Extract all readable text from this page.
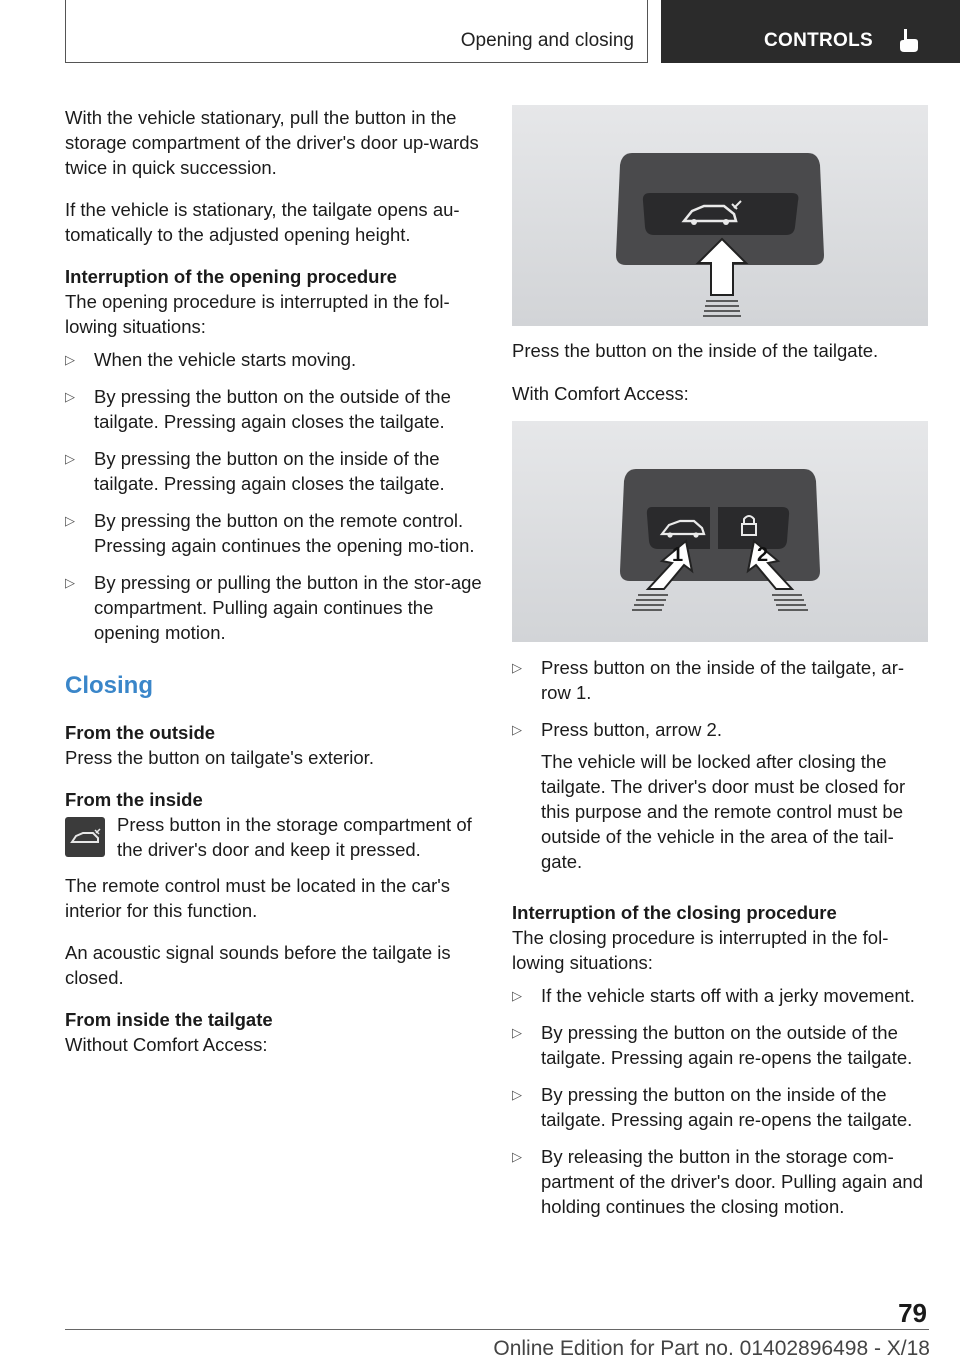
Opening and closing	CONTROLS

With the vehicle stationary, pull the button in the storage compartment of the driver's door up-wards twice in quick succession.

If the vehicle is stationary, the tailgate opens au-tomatically to the adjusted opening height.

Interruption of the opening procedure

The opening procedure is interrupted in the fol-lowing situations:

▷ When the vehicle starts moving.
▷ By pressing the button on the outside of the tailgate. Pressing again closes the tailgate.
▷ By pressing the button on the inside of the tailgate. Pressing again closes the tailgate.
▷ By pressing the button on the remote control. Pressing again continues the opening mo-tion.
▷ By pressing or pulling the button in the stor-age compartment. Pulling again continues the opening motion.
Closing
From the outside

Press the button on tailgate's exterior.

From the inside
Press button in the storage compartment of the driver's door and keep it pressed.

The remote control must be located in the car's interior for this function.

An acoustic signal sounds before the tailgate is closed.

From inside the tailgate

Without Comfort Access:

Press the button on the inside of the tailgate.

With Comfort Access:

1	2
▷ Press button on the inside of the tailgate, ar-row 1.
▷ Press button, arrow 2.
The vehicle will be locked after closing the tailgate. The driver's door must be closed for this purpose and the remote control must be outside of the vehicle in the area of the tail-gate.
Interruption of the closing procedure

The closing procedure is interrupted in the fol-lowing situations:

▷ If the vehicle starts off with a jerky movement.
▷ By pressing the button on the outside of the tailgate. Pressing again re-opens the tailgate.
▷ By pressing the button on the inside of the tailgate. Pressing again re-opens the tailgate.
▷ By releasing the button in the storage com-partment of the driver's door. Pulling again and holding continues the closing motion.
79
Online Edition for Part no. 01402896498 - X/18
